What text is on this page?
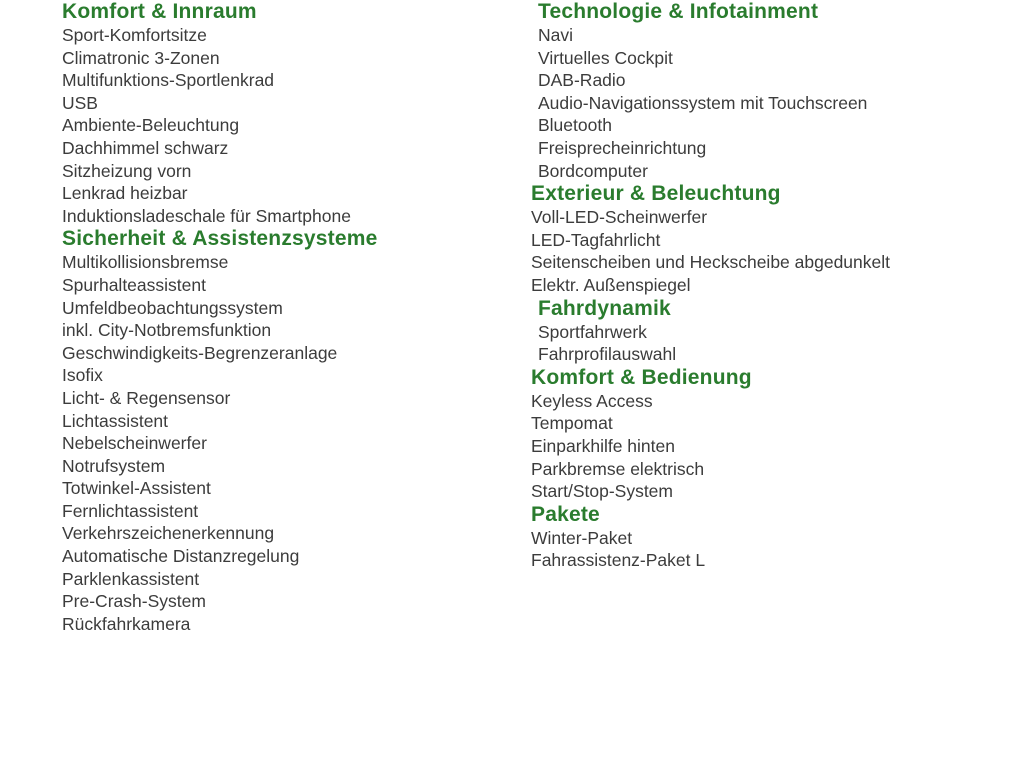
Komfort & Innraum
Sport-Komfortsitze
Climatronic 3-Zonen
Multifunktions-Sportlenkrad
USB
Ambiente-Beleuchtung
Dachhimmel schwarz
Sitzheizung vorn
Lenkrad heizbar
Induktionsladeschale für Smartphone
Sicherheit & Assistenzsysteme
Multikollisionsbremse
Spurhalteassistent
Umfeldbeobachtungssystem
inkl. City-Notbremsfunktion
Geschwindigkeits-Begrenzeranlage
Isofix
Licht- & Regensensor
Lichtassistent
Nebelscheinwerfer
Notrufsystem
Totwinkel-Assistent
Fernlichtassistent
Verkehrszeichenerkennung
Automatische Distanzregelung
Parklenkassistent
Pre-Crash-System
Rückfahrkamera
Technologie & Infotainment
Navi
Virtuelles Cockpit
DAB-Radio
Audio-Navigationssystem mit Touchscreen
Bluetooth
Freisprecheinrichtung
Bordcomputer
Exterieur & Beleuchtung
Voll-LED-Scheinwerfer
LED-Tagfahrlicht
Seitenscheiben und Heckscheibe abgedunkelt
Elektr. Außenspiegel
Fahrdynamik
Sportfahrwerk
Fahrprofilauswahl
Komfort & Bedienung
Keyless Access
Tempomat
Einparkhilfe hinten
Parkbremse elektrisch
Start/Stop-System
Pakete
Winter-Paket
Fahrassistenz-Paket L
